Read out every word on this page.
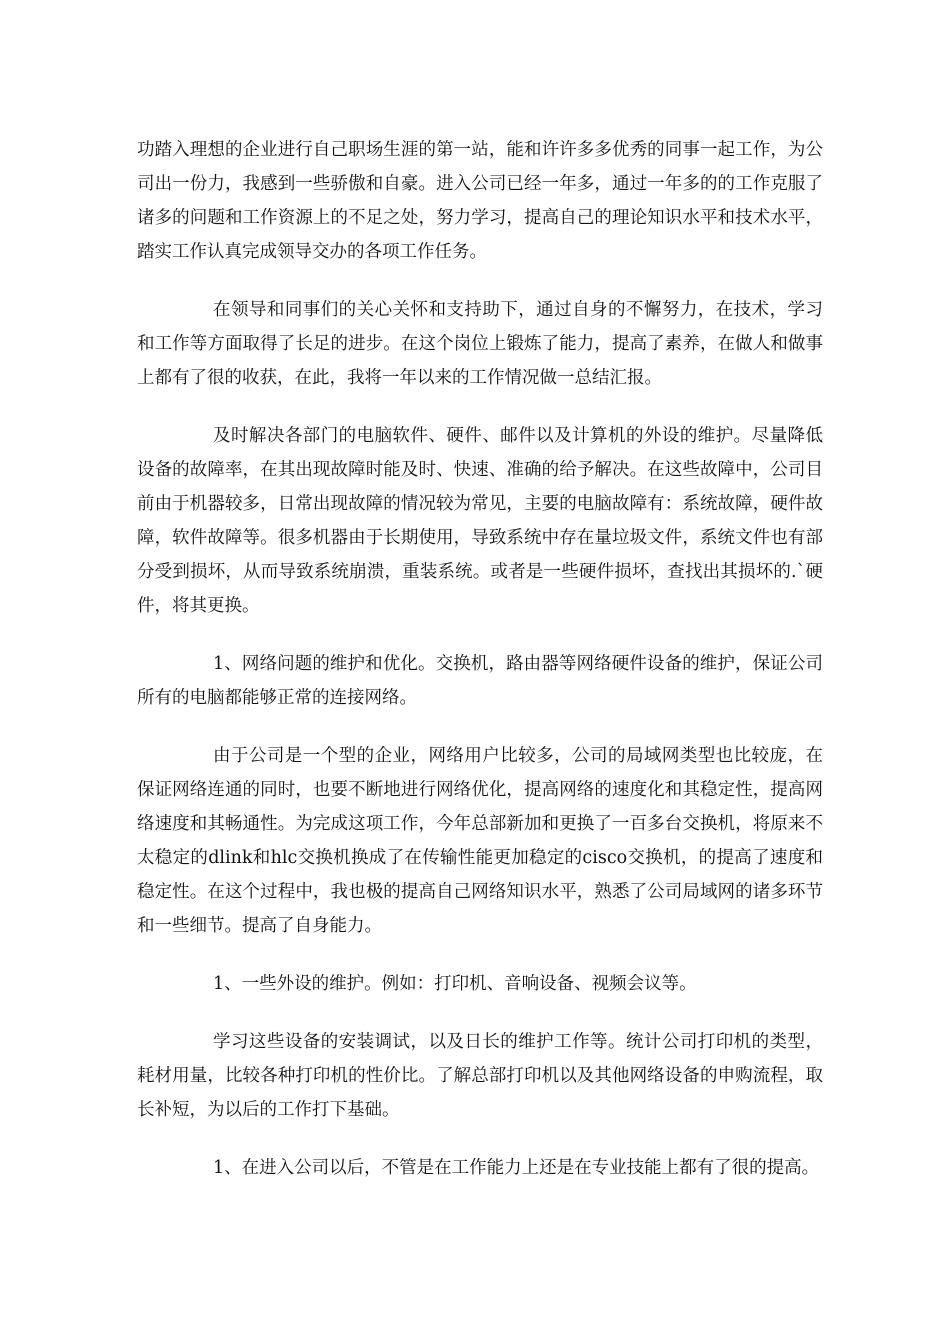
功踏入理想的企业进行自己职场生涯的第一站，能和许许多多优秀的同事一起工作，为公司出一份力，我感到一些骄傲和自豪。进入公司已经一年多，通过一年多的的工作克服了诸多的问题和工作资源上的不足之处，努力学习，提高自己的理论知识水平和技术水平，踏实工作认真完成领导交办的各项工作任务。

在领导和同事们的关心关怀和支持助下，通过自身的不懈努力，在技术，学习和工作等方面取得了长足的进步。在这个岗位上锻炼了能力，提高了素养，在做人和做事上都有了很的收获，在此，我将一年以来的工作情况做一总结汇报。

及时解决各部门的电脑软件、硬件、邮件以及计算机的外设的维护。尽量降低设备的故障率，在其出现故障时能及时、快速、准确的给予解决。在这些故障中，公司目前由于机器较多，日常出现故障的情况较为常见，主要的电脑故障有：系统故障，硬件故障，软件故障等。很多机器由于长期使用，导致系统中存在量垃圾文件，系统文件也有部分受到损坏，从而导致系统崩溃，重装系统。或者是一些硬件损坏，查找出其损坏的.`硬件，将其更换。

1、网络问题的维护和优化。交换机，路由器等网络硬件设备的维护，保证公司所有的电脑都能够正常的连接网络。

由于公司是一个型的企业，网络用户比较多，公司的局域网类型也比较庞，在保证网络连通的同时，也要不断地进行网络优化，提高网络的速度化和其稳定性，提高网络速度和其畅通性。为完成这项工作，今年总部新加和更换了一百多台交换机，将原来不太稳定的dlink和hlc交换机换成了在传输性能更加稳定的cisco交换机，的提高了速度和稳定性。在这个过程中，我也极的提高自己网络知识水平，熟悉了公司局域网的诸多环节和一些细节。提高了自身能力。

1、一些外设的维护。例如：打印机、音响设备、视频会议等。

学习这些设备的安装调试，以及日长的维护工作等。统计公司打印机的类型，耗材用量，比较各种打印机的性价比。了解总部打印机以及其他网络设备的申购流程，取长补短，为以后的工作打下基础。

1、在进入公司以后，不管是在工作能力上还是在专业技能上都有了很的提高。
